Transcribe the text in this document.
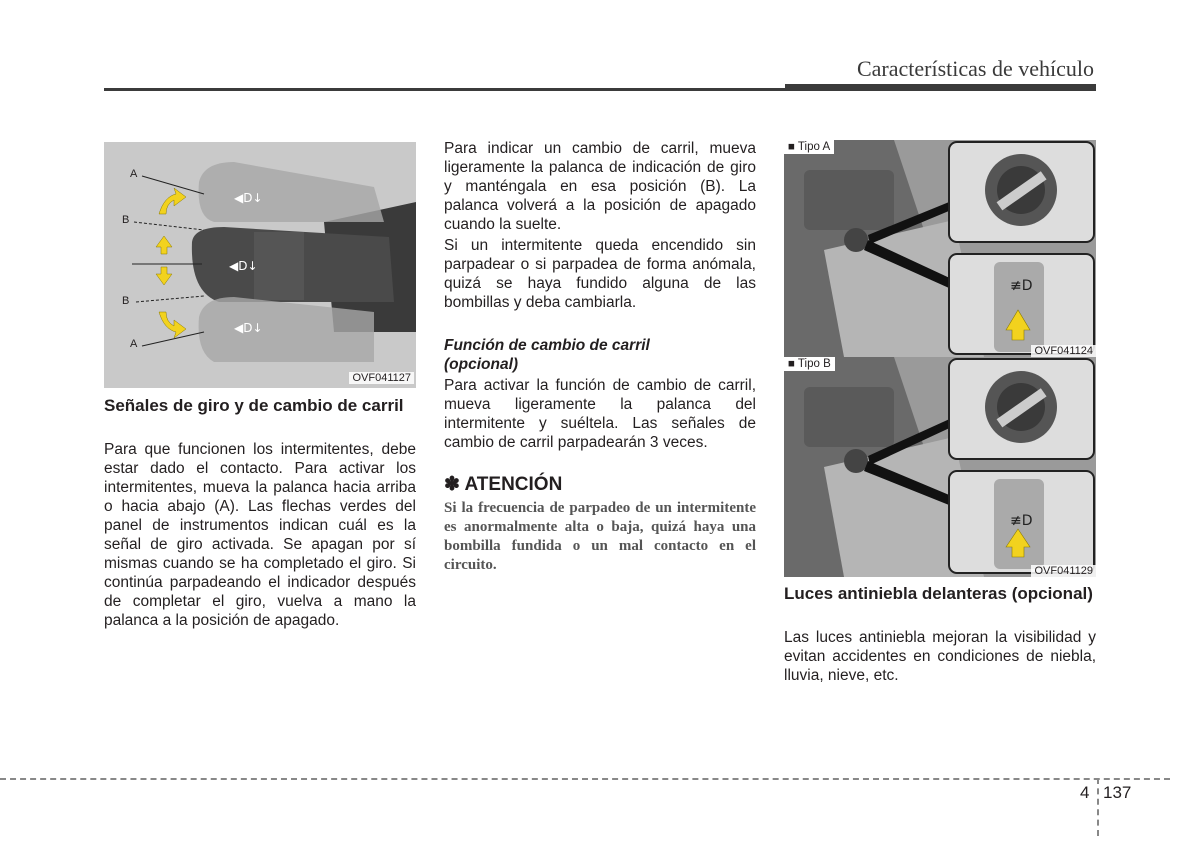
Características de vehículo
◀D↓
◀D↓
◀D↓
A
B
B
A
OVF041127
Señales de giro y de cambio de carril
Para que funcionen los intermitentes, debe estar dado el contacto. Para activar los intermitentes, mueva la palanca hacia arriba o hacia abajo (A). Las flechas verdes del panel de instrumentos indican cuál es la señal de giro activada. Se apagan por sí mismas cuando se ha completado el giro. Si continúa parpadeando el indicador después de completar el giro, vuelva a mano la palanca a la posición de apagado.
Para indicar un cambio de carril, mueva ligeramente la palanca de indicación de giro y manténgala en esa posición (B). La palanca volverá a la posición de apagado cuando la suelte.
Si un intermitente queda encendido sin parpadear o si parpadea de forma anómala, quizá se haya fundido alguna de las bombillas y deba cambiarla.
Función de cambio de carril (opcional)
Para activar la función de cambio de carril, mueva ligeramente la palanca del intermitente y suéltela. Las señales de cambio de carril parpadearán 3 veces.
✽ ATENCIÓN
Si la frecuencia de parpadeo de un intermitente es anormalmente alta o baja, quizá haya una bombilla fundida o un mal contacto en el circuito.
≢D
■ Tipo A
OVF041124
≢D
■ Tipo B
OVF041129
Luces antiniebla delanteras (opcional)
Las luces antiniebla mejoran la visibilidad y evitan accidentes en condiciones de niebla, lluvia, nieve, etc.
4 137
